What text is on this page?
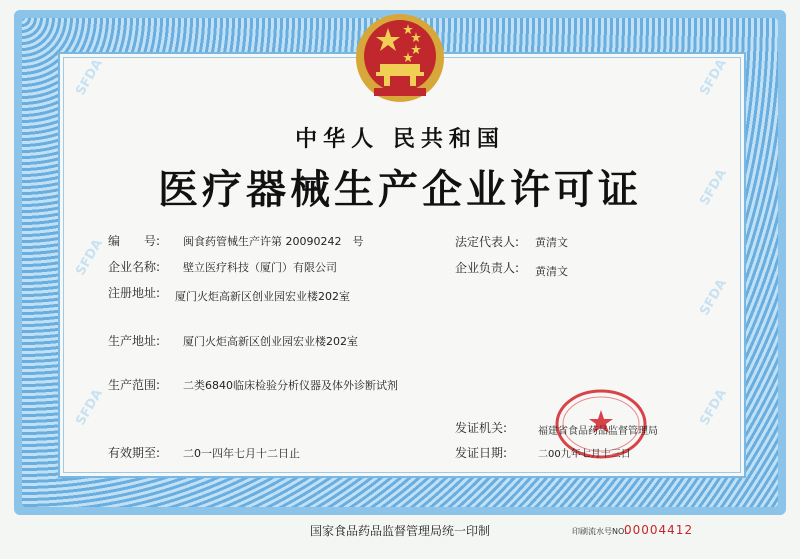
SFDA
SFDA
SFDA
SFDA
SFDA
SFDA
SFDA
中华人 民共和国
医疗器械生产企业许可证
编　　号: 闽食药管械生产许第 20090242　号
企业名称: 壁立医疗科技（厦门）有限公司
注册地址: 厦门火炬高新区创业园宏业楼202室
生产地址: 厦门火炬高新区创业园宏业楼202室
生产范围: 二类6840临床检验分析仪器及体外诊断试剂
有效期至: 二0一四年七月十二日止
法定代表人: 黄清文
企业负责人: 黄清文
发证机关:	福建省食品药品监督管理局
发证日期:	二00九年七月十三日
国家食品药品监督管理局统一印制	印刷流水号NO:
00004412
